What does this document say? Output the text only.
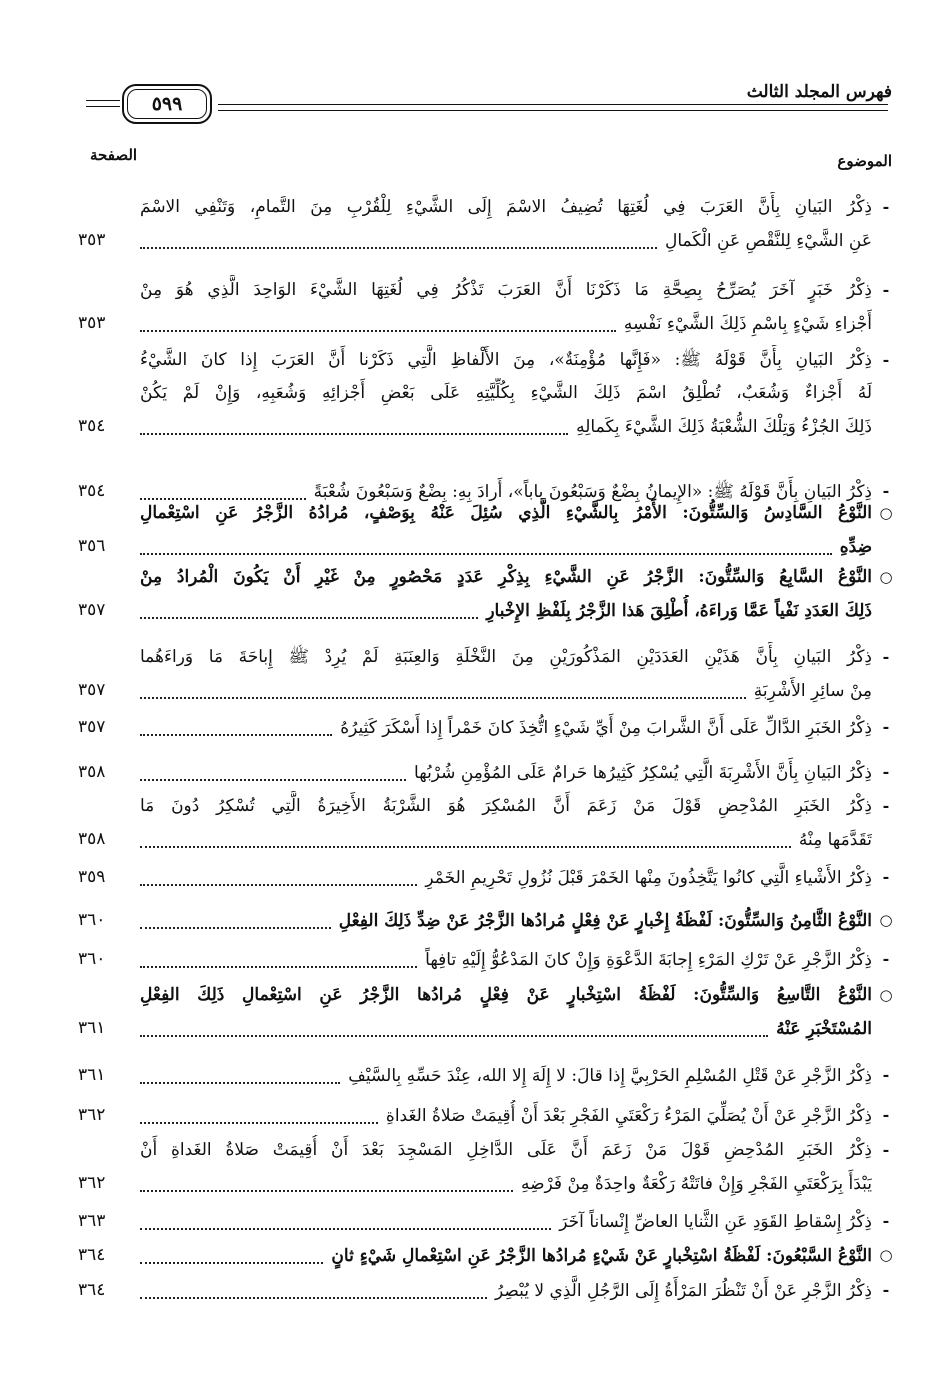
فهرس المجلد الثالث
٥٩٩
الموضوع
الصفحة
-
ذِكْرُ البَيانِ بِأَنَّ العَرَبَ فِي لُغَتِهَا تُضِيفُ الاسْمَ إِلَى الشَّيْءِ لِلْقُرْبِ مِنَ التَّمامِ، وَتَنْفِي الاسْمَ
عَنِ الشَّيْءِ لِلنَّقْصِ عَنِ الْكَمالِ
٣٥٣
-
ذِكْرُ خَبَرٍ آخَرَ يُصَرِّحُ بِصِحَّةِ مَا ذَكَرْنَا أَنَّ العَرَبَ تَذْكُرُ فِي لُغَتِهَا الشَّيْءَ الوَاحِدَ الَّذِي هُوَ مِنْ
أَجْزاءِ شَيْءٍ بِاسْمِ ذَلِكَ الشَّيْءِ نَفْسِهِ
٣٥٣
-
ذِكْرُ البَيانِ بِأَنَّ قَوْلَهُ ﷺ: «فَإِنَّها مُؤْمِنَةٌ»، مِنَ الأَلْفاظِ الَّتِي ذَكَرْنا أَنَّ العَرَبَ إِذا كانَ الشَّيْءُ
لَهُ أَجْزاءٌ وَشُعَبٌ، تُطْلِقُ اسْمَ ذَلِكَ الشَّيْءِ بِكُلِّيَّتِهِ عَلَى بَعْضِ أَجْزائِهِ وَشُعَبِهِ، وَإِنْ لَمْ يَكُنْ
ذَلِكَ الجُزْءُ وَتِلْكَ الشُّعْبَةُ ذَلِكَ الشَّيْءَ بِكَمالِهِ
٣٥٤
-
ذِكْرُ البَيانِ بِأَنَّ قَوْلَهُ ﷺ: «الإِيمانُ بِضْعٌ وَسَبْعُونَ باباً»، أَرادَ بِهِ: بِضْعٌ وَسَبْعُونَ شُعْبَةً
٣٥٤
○
النَّوْعُ السَّادِسُ وَالسِّتُّونَ: الأَمْرُ بِالشَّيْءِ الَّذِي سُئِلَ عَنْهُ بِوَصْفٍ، مُرادُهُ الزَّجْرُ عَنِ اسْتِعْمالِ
ضِدِّهِ
٣٥٦
○
النَّوْعُ السَّابِعُ وَالسِّتُّونَ: الزَّجْرُ عَنِ الشَّيْءِ بِذِكْرِ عَدَدٍ مَحْصُورٍ مِنْ غَيْرِ أَنْ يَكُونَ الْمُرادُ مِنْ
ذَلِكَ العَدَدِ نَفْياً عَمَّا وَراءَهُ، أُطْلِقَ هَذا الزَّجْرُ بِلَفْظِ الإِخْبارِ
٣٥٧
-
ذِكْرُ البَيانِ بِأَنَّ هَذَيْنِ العَدَدَيْنِ المَذْكُورَيْنِ مِنَ النَّخْلَةِ وَالعِنَبَةِ لَمْ يُرِدْ ﷺ إِباحَةَ مَا وَراءَهُما
مِنْ سائِرِ الأَشْرِبَةِ
٣٥٧
-
ذِكْرُ الخَبَرِ الدَّالِّ عَلَى أَنَّ الشَّرابَ مِنْ أَيِّ شَيْءٍ اتُّخِذَ كانَ خَمْراً إِذا أَسْكَرَ كَثِيرُهُ
٣٥٧
-
ذِكْرُ البَيانِ بِأَنَّ الأَشْرِبَةَ الَّتِي يُسْكِرُ كَثِيرُها حَرامٌ عَلَى المُؤْمِنِ شُرْبُها
٣٥٨
-
ذِكْرُ الخَبَرِ المُدْحِضِ قَوْلَ مَنْ زَعَمَ أَنَّ المُسْكِرَ هُوَ الشَّرْبَةُ الأَخِيرَةُ الَّتِي تُسْكِرُ دُونَ مَا
تَقَدَّمَها مِنْهُ
٣٥٨
-
ذِكْرُ الأَشْياءِ الَّتِي كانُوا يَتَّخِذُونَ مِنْها الخَمْرَ قَبْلَ نُزُولِ تَحْرِيمِ الخَمْرِ
٣٥٩
○
النَّوْعُ الثَّامِنُ وَالسِّتُّونَ: لَفْظَةُ إِخْبارٍ عَنْ فِعْلٍ مُرادُها الزَّجْرُ عَنْ ضِدِّ ذَلِكَ الفِعْلِ
٣٦٠
-
ذِكْرُ الزَّجْرِ عَنْ تَرْكِ المَرْءِ إِجابَةَ الدَّعْوَةِ وَإِنْ كانَ المَدْعُوُّ إِلَيْهِ تافِهاً
٣٦٠
○
النَّوْعُ التَّاسِعُ وَالسِّتُّونَ: لَفْظَةُ اسْتِخْبارٍ عَنْ فِعْلٍ مُرادُها الزَّجْرُ عَنِ اسْتِعْمالِ ذَلِكَ الفِعْلِ
المُسْتَخْبَرِ عَنْهُ
٣٦١
-
ذِكْرُ الزَّجْرِ عَنْ قَتْلِ المُسْلِمِ الحَرْبِيَّ إِذا قالَ: لا إِلَهَ إِلا الله، عِنْدَ حَسِّهِ بِالسَّيْفِ
٣٦١
-
ذِكْرُ الزَّجْرِ عَنْ أَنْ يُصَلِّيَ المَرْءُ رَكْعَتَيِ الفَجْرِ بَعْدَ أَنْ أُقِيمَتْ صَلاةُ الغَداةِ
٣٦٢
-
ذِكْرُ الخَبَرِ المُدْحِضِ قَوْلَ مَنْ زَعَمَ أَنَّ عَلَى الدَّاخِلِ المَسْجِدَ بَعْدَ أَنْ أُقِيمَتْ صَلاةُ الغَداةِ أَنْ
يَبْدَأَ بِرَكْعَتَيِ الفَجْرِ وَإِنْ فاتَتْهُ رَكْعَةٌ واحِدَةٌ مِنْ فَرْضِهِ
٣٦٢
-
ذِكْرُ إِسْقاطِ القَوَدِ عَنِ الثَّنايا العاضِّ إِنْساناً آخَرَ
٣٦٣
○
النَّوْعُ السَّبْعُونَ: لَفْظَةُ اسْتِخْبارٍ عَنْ شَيْءٍ مُرادُها الزَّجْرُ عَنِ اسْتِعْمالِ شَيْءٍ ثانٍ
٣٦٤
-
ذِكْرُ الزَّجْرِ عَنْ أَنْ تَنْظُرَ المَرْأَةُ إِلَى الرَّجُلِ الَّذِي لا يُبْصِرُ
٣٦٤
